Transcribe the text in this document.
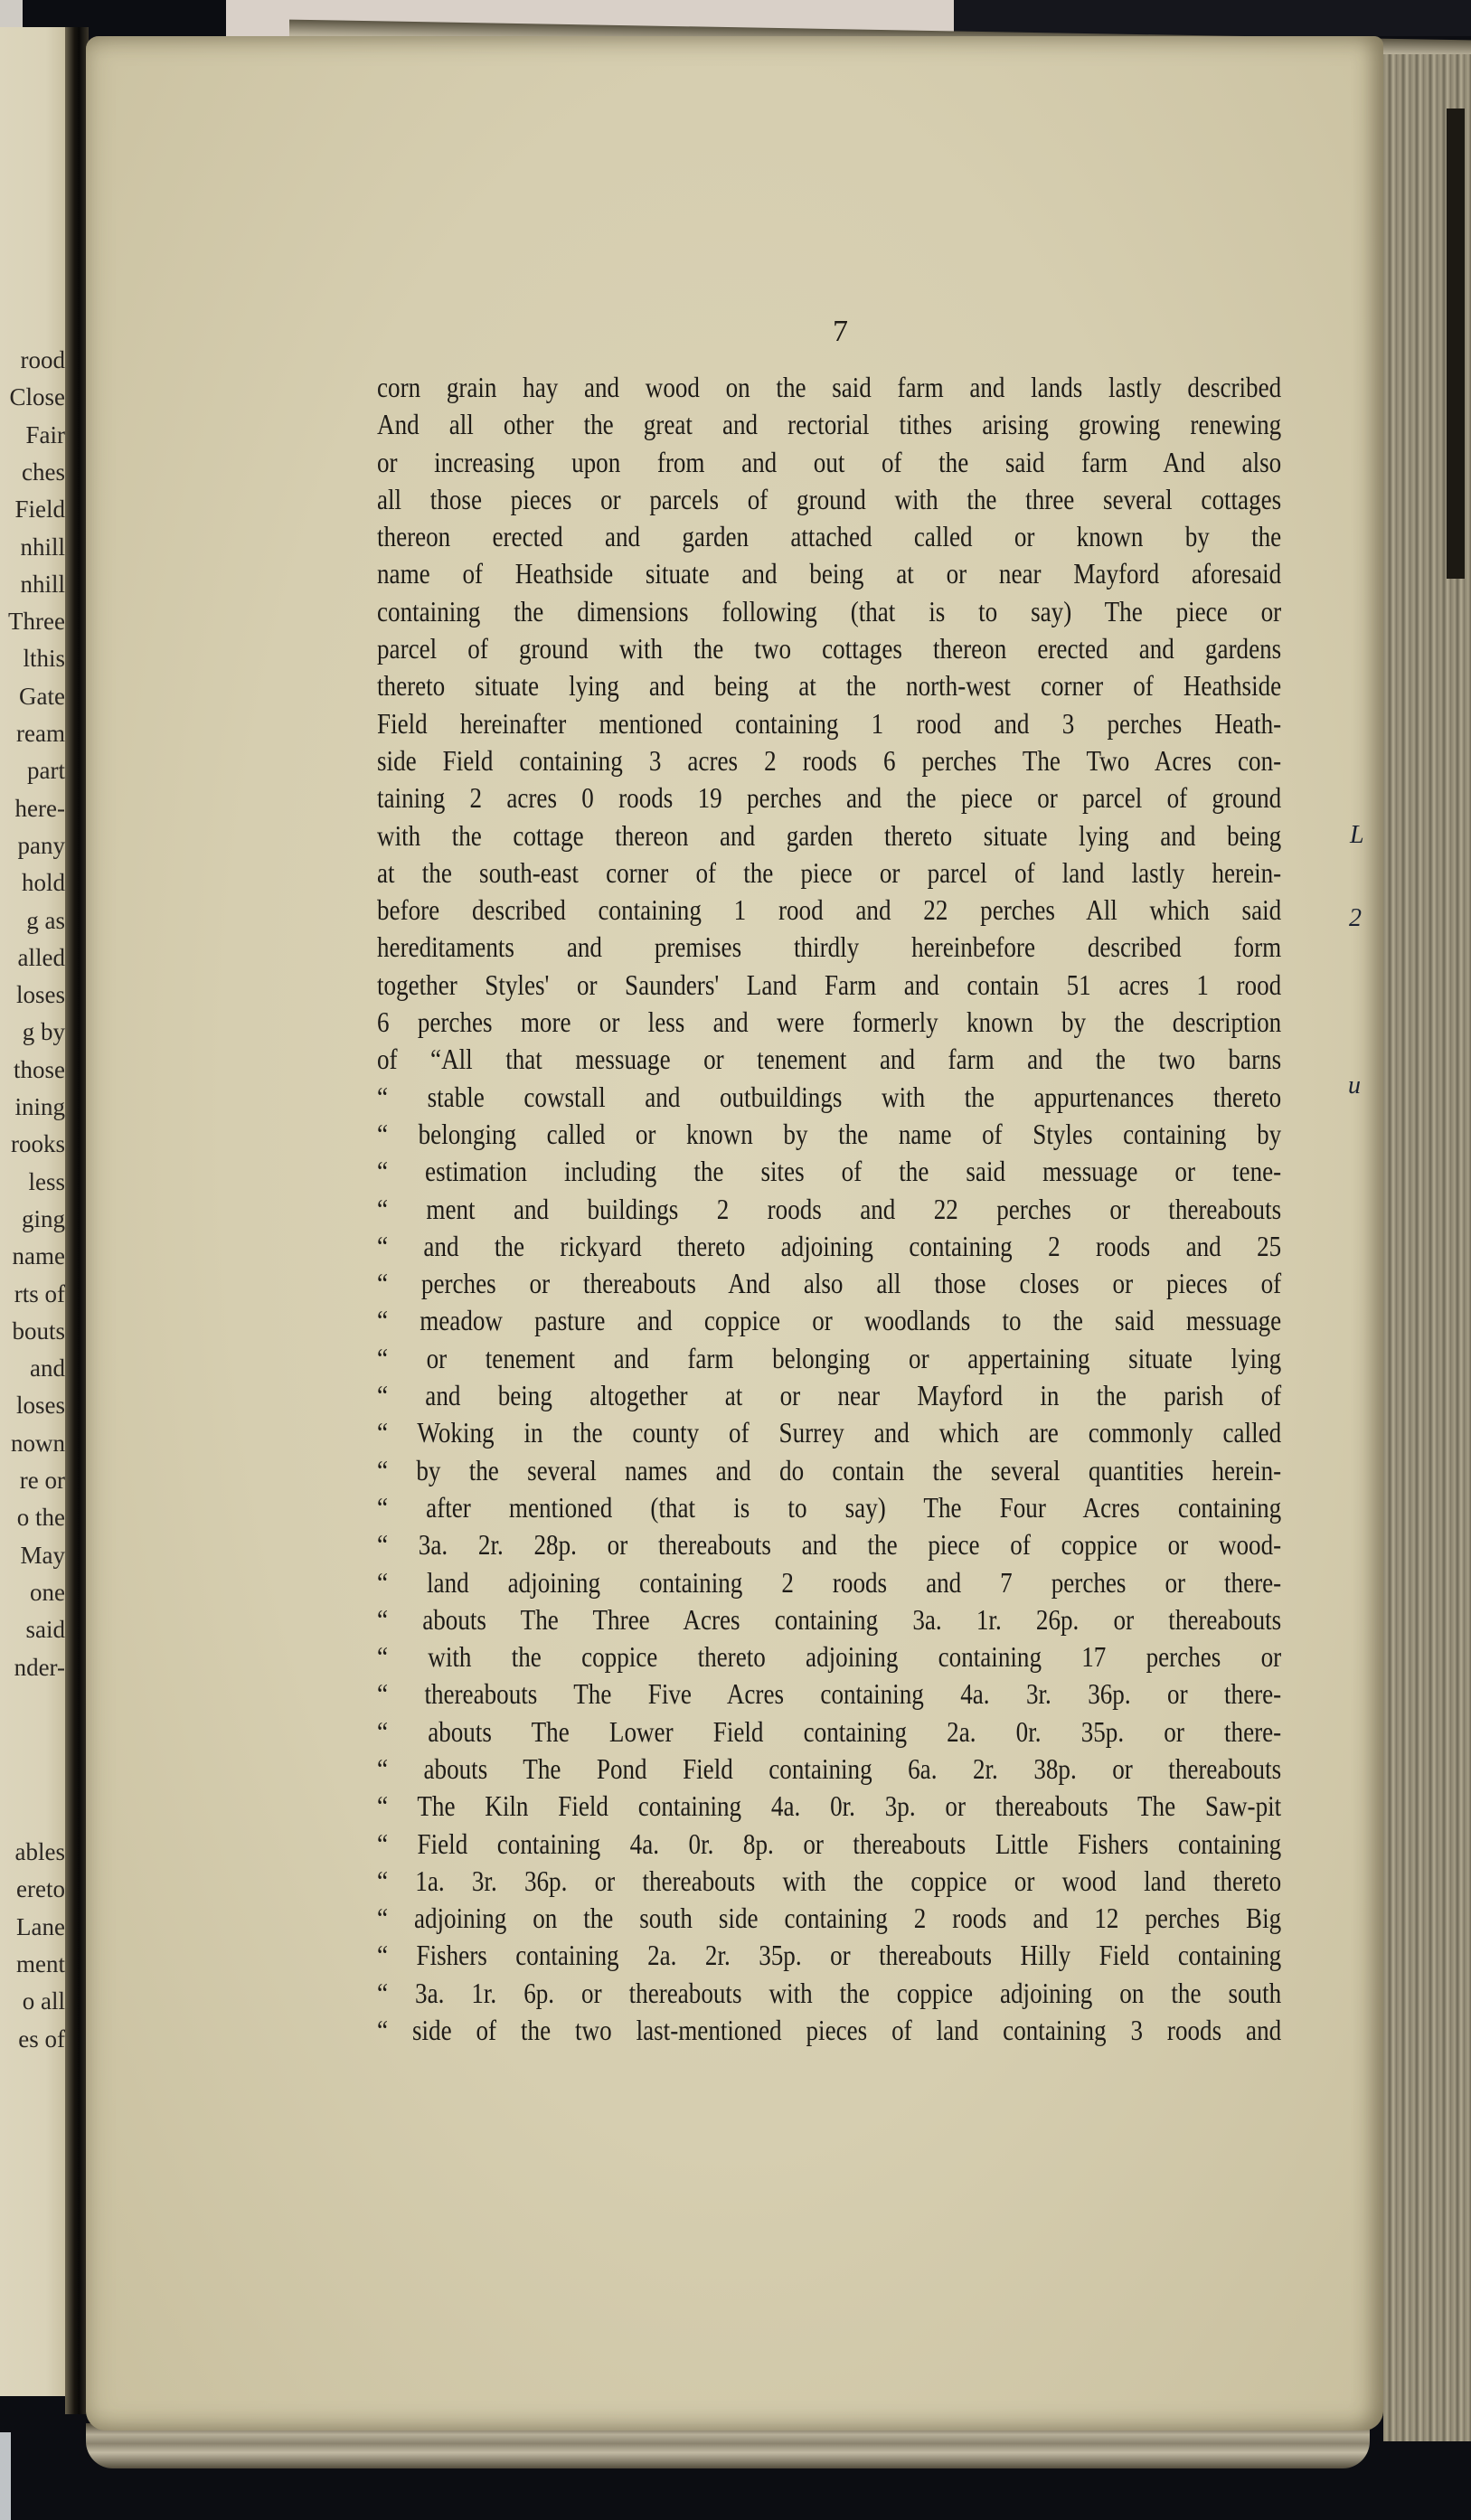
rood
Close
Fair
ches
Field
nhill
nhill
Three
lthis
Gate
ream
part
here-
pany
hold
g as
alled
loses
g by
those
ining
rooks
less
ging
name
rts of
bouts
and
loses
nown
re or
o the
May
one
said
nder-
ables
ereto
Lane
ment
o all
es of
7
corn grain hay and wood on the said farm and lands lastly described
And all other the great and rectorial tithes arising growing renewing
or increasing upon from and out of the said farm And also
all those pieces or parcels of ground with the three several cottages
thereon erected and garden attached called or known by the
name of Heathside situate and being at or near Mayford aforesaid
containing the dimensions following (that is to say) The piece or
parcel of ground with the two cottages thereon erected and gardens
thereto situate lying and being at the north-west corner of Heathside
Field hereinafter mentioned containing 1 rood and 3 perches Heath-
side Field containing 3 acres 2 roods 6 perches The Two Acres con-
taining 2 acres 0 roods 19 perches and the piece or parcel of ground
with the cottage thereon and garden thereto situate lying and being
at the south-east corner of the piece or parcel of land lastly herein-
before described containing 1 rood and 22 perches All which said
hereditaments and premises thirdly hereinbefore described form
together Styles' or Saunders' Land Farm and contain 51 acres 1 rood
6 perches more or less and were formerly known by the description
of “All that messuage or tenement and farm and the two barns
“ stable cowstall and outbuildings with the appurtenances thereto
“ belonging called or known by the name of Styles containing by
“ estimation including the sites of the said messuage or tene-
“ ment and buildings 2 roods and 22 perches or thereabouts
“ and the rickyard thereto adjoining containing 2 roods and 25
“ perches or thereabouts And also all those closes or pieces of
“ meadow pasture and coppice or woodlands to the said messuage
“ or tenement and farm belonging or appertaining situate lying
“ and being altogether at or near Mayford in the parish of
“ Woking in the county of Surrey and which are commonly called
“ by the several names and do contain the several quantities herein-
“ after mentioned (that is to say) The Four Acres containing
“ 3a. 2r. 28p. or thereabouts and the piece of coppice or wood-
“ land adjoining containing 2 roods and 7 perches or there-
“ abouts The Three Acres containing 3a. 1r. 26p. or thereabouts
“ with the coppice thereto adjoining containing 17 perches or
“ thereabouts The Five Acres containing 4a. 3r. 36p. or there-
“ abouts The Lower Field containing 2a. 0r. 35p. or there-
“ abouts The Pond Field containing 6a. 2r. 38p. or thereabouts
“ The Kiln Field containing 4a. 0r. 3p. or thereabouts The Saw-pit
“ Field containing 4a. 0r. 8p. or thereabouts Little Fishers containing
“ 1a. 3r. 36p. or thereabouts with the coppice or wood land thereto
“ adjoining on the south side containing 2 roods and 12 perches Big
“ Fishers containing 2a. 2r. 35p. or thereabouts Hilly Field containing
“ 3a. 1r. 6p. or thereabouts with the coppice adjoining on the south
“ side of the two last-mentioned pieces of land containing 3 roods and
L
2
u
